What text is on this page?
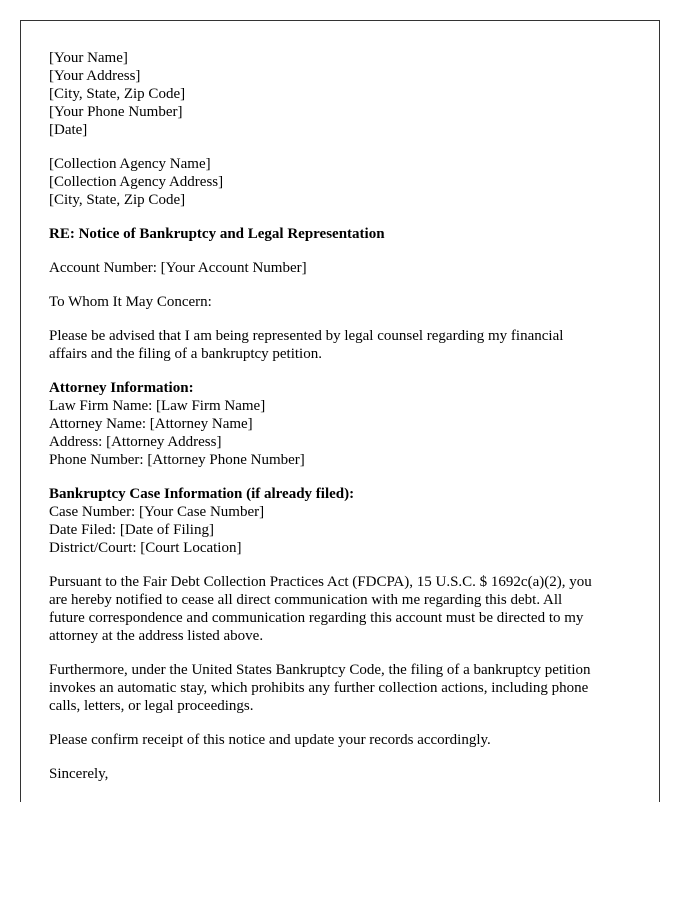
[Your Name]
[Your Address]
[City, State, Zip Code]
[Your Phone Number]
[Date]
[Collection Agency Name]
[Collection Agency Address]
[City, State, Zip Code]
RE: Notice of Bankruptcy and Legal Representation
Account Number: [Your Account Number]
To Whom It May Concern:
Please be advised that I am being represented by legal counsel regarding my financial
affairs and the filing of a bankruptcy petition.
Attorney Information:
Law Firm Name: [Law Firm Name]
Attorney Name: [Attorney Name]
Address: [Attorney Address]
Phone Number: [Attorney Phone Number]
Bankruptcy Case Information (if already filed):
Case Number: [Your Case Number]
Date Filed: [Date of Filing]
District/Court: [Court Location]
Pursuant to the Fair Debt Collection Practices Act (FDCPA), 15 U.S.C. $ 1692c(a)(2), you
are hereby notified to cease all direct communication with me regarding this debt. All
future correspondence and communication regarding this account must be directed to my
attorney at the address listed above.
Furthermore, under the United States Bankruptcy Code, the filing of a bankruptcy petition
invokes an automatic stay, which prohibits any further collection actions, including phone
calls, letters, or legal proceedings.
Please confirm receipt of this notice and update your records accordingly.
Sincerely,
